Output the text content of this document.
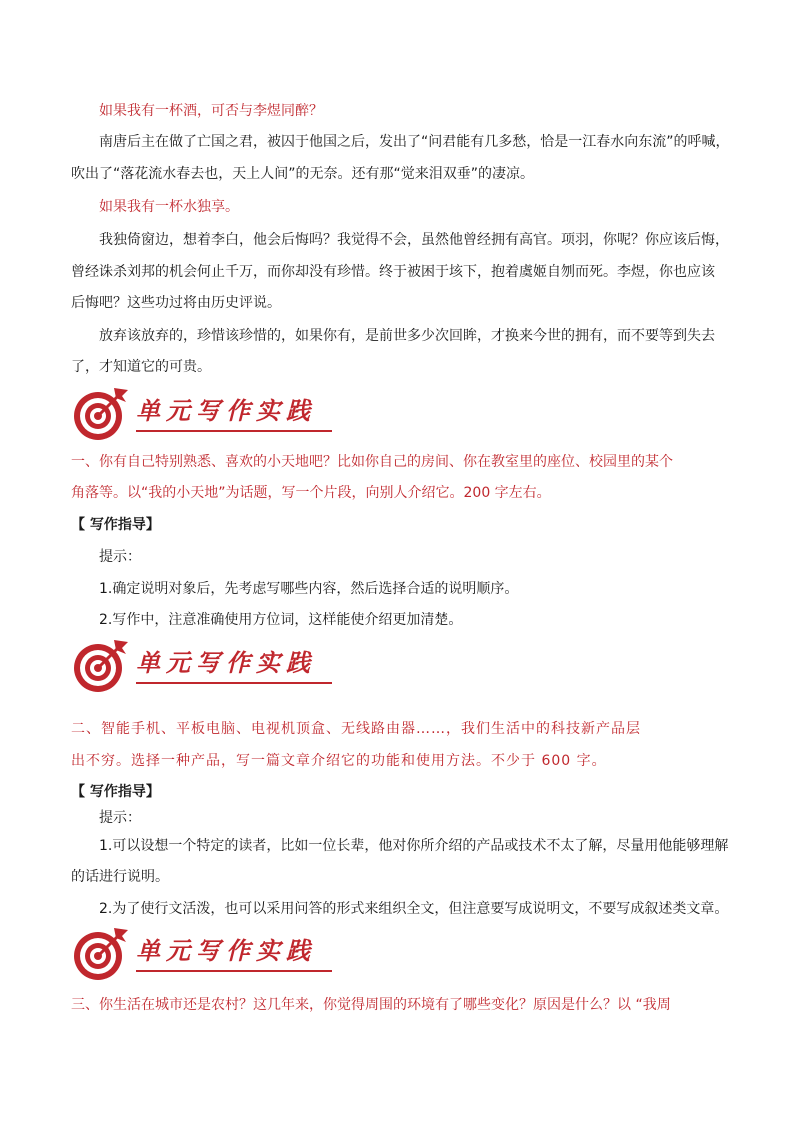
如果我有一杯酒，可否与李煜同醉？
南唐后主在做了亡国之君，被囚于他国之后，发出了“问君能有几多愁，恰是一江春水向东流”的呼喊，
吹出了“落花流水春去也，天上人间”的无奈。还有那“觉来泪双垂”的凄凉。
如果我有一杯水独享。
我独倚窗边，想着李白，他会后悔吗？我觉得不会，虽然他曾经拥有高官。项羽，你呢？你应该后悔，
曾经诛杀刘邦的机会何止千万，而你却没有珍惜。终于被困于垓下，抱着虞姬自刎而死。李煜，你也应该
后悔吧？这些功过将由历史评说。
放弃该放弃的，珍惜该珍惜的，如果你有，是前世多少次回眸，才换来今世的拥有，而不要等到失去
了，才知道它的可贵。
单元写作实践
一、你有自己特别熟悉、喜欢的小天地吧？比如你自己的房间、你在教室里的座位、校园里的某个
角落等。以“我的小天地”为话题，写一个片段，向别人介绍它。200 字左右。
【 写作指导】
提示：
1.确定说明对象后，先考虑写哪些内容，然后选择合适的说明顺序。
2.写作中，注意准确使用方位词，这样能使介绍更加清楚。
单元写作实践
二、智能手机、平板电脑、电视机顶盒、无线路由器……，我们生活中的科技新产品层
出不穷。选择一种产品，写一篇文章介绍它的功能和使用方法。不少于 600 字。
【 写作指导】
提示：
1.可以设想一个特定的读者，比如一位长辈，他对你所介绍的产品或技术不太了解，尽量用他能够理解
的话进行说明。
2.为了使行文活泼，也可以采用问答的形式来组织全文，但注意要写成说明文，不要写成叙述类文章。
单元写作实践
三、你生活在城市还是农村？这几年来，你觉得周围的环境有了哪些变化？原因是什么？以 “我周
